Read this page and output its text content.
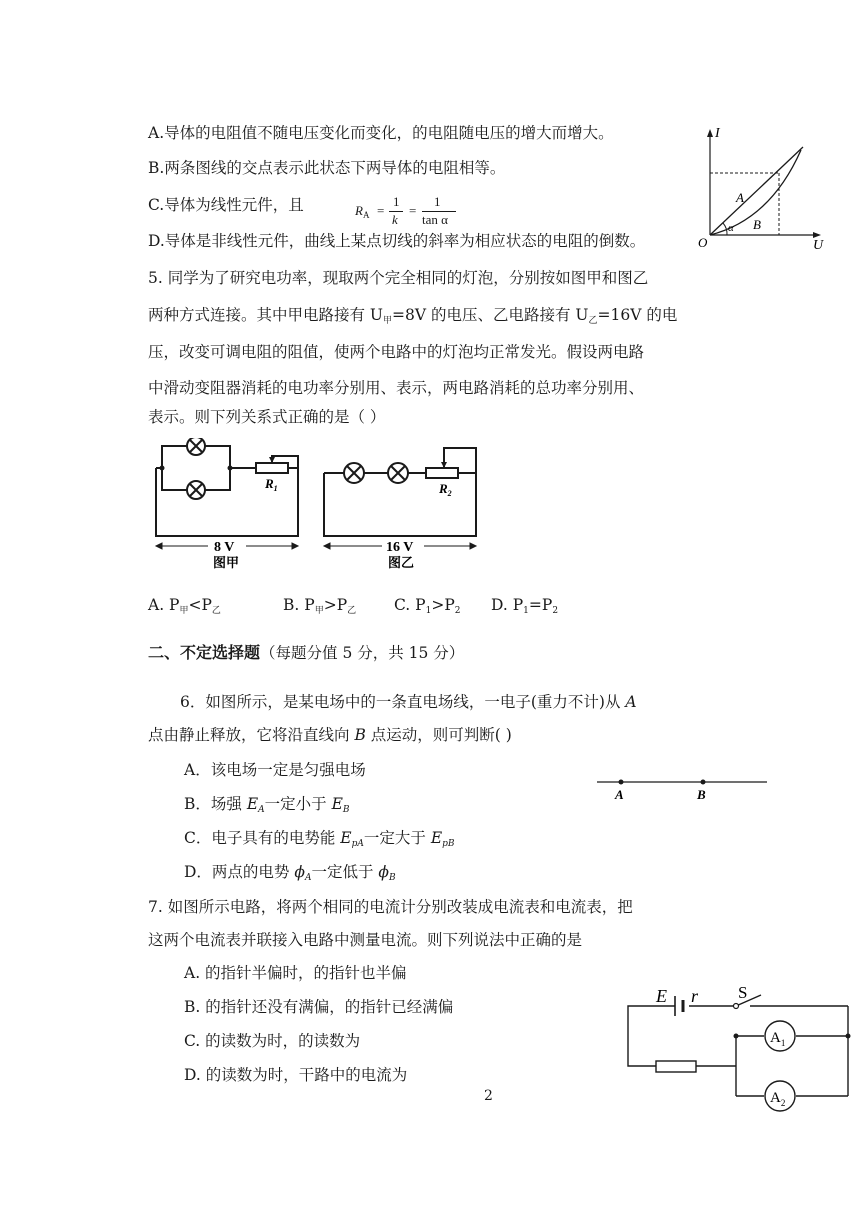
A.导体的电阻值不随电压变化而变化，的电阻随电压的增大而增大。
B.两条图线的交点表示此状态下两导体的电阻相等。
C.导体为线性元件，且	$R_A$ =
1
k
=
1
tan α
D.导体是非线性元件，曲线上某点切线的斜率为相应状态的电阻的倒数。
I
U
O
A
B
α
5. 同学为了研究电功率，现取两个完全相同的灯泡，分别按如图甲和图乙
两种方式连接。其中甲电路接有 $U_甲=8V$ 的电压、乙电路接有 $U_乙=16V$ 的电
压，改变可调电阻的阻值，使两个电路中的灯泡均正常发光。假设两电路
中滑动变阻器消耗的电功率分别用、表示，两电路消耗的总功率分别用、
表示。则下列关系式正确的是（ ）
$R_1$
8 V
图甲
$R_2$
16 V
图乙
A. $P_甲<P_乙$	B. $P_甲>P_乙$ C. $P_1>P_2$ D. $P_1=P_2$
二、不定选择题（每题分值 5 分，共 15 分）
6．如图所示，是某电场中的一条直电场线，一电子(重力不计)从 A
点由静止释放，它将沿直线向 B 点运动，则可判断( )
A．该电场一定是匀强电场
B．场强 $E_A$一定小于 $E_B$
C．电子具有的电势能 $E_{pA}$一定大于 $E_{pB}$
D．两点的电势 $\phi_A$一定低于 $\phi_B$
A	B
7. 如图所示电路，将两个相同的电流计分别改装成电流表和电流表，把
这两个电流表并联接入电路中测量电流。则下列说法中正确的是
A. 的指针半偏时，的指针也半偏
B. 的指针还没有满偏，的指针已经满偏
C. 的读数为时，的读数为
D. 的读数为时，干路中的电流为
E r S
$A_1$
$A_2$
2
